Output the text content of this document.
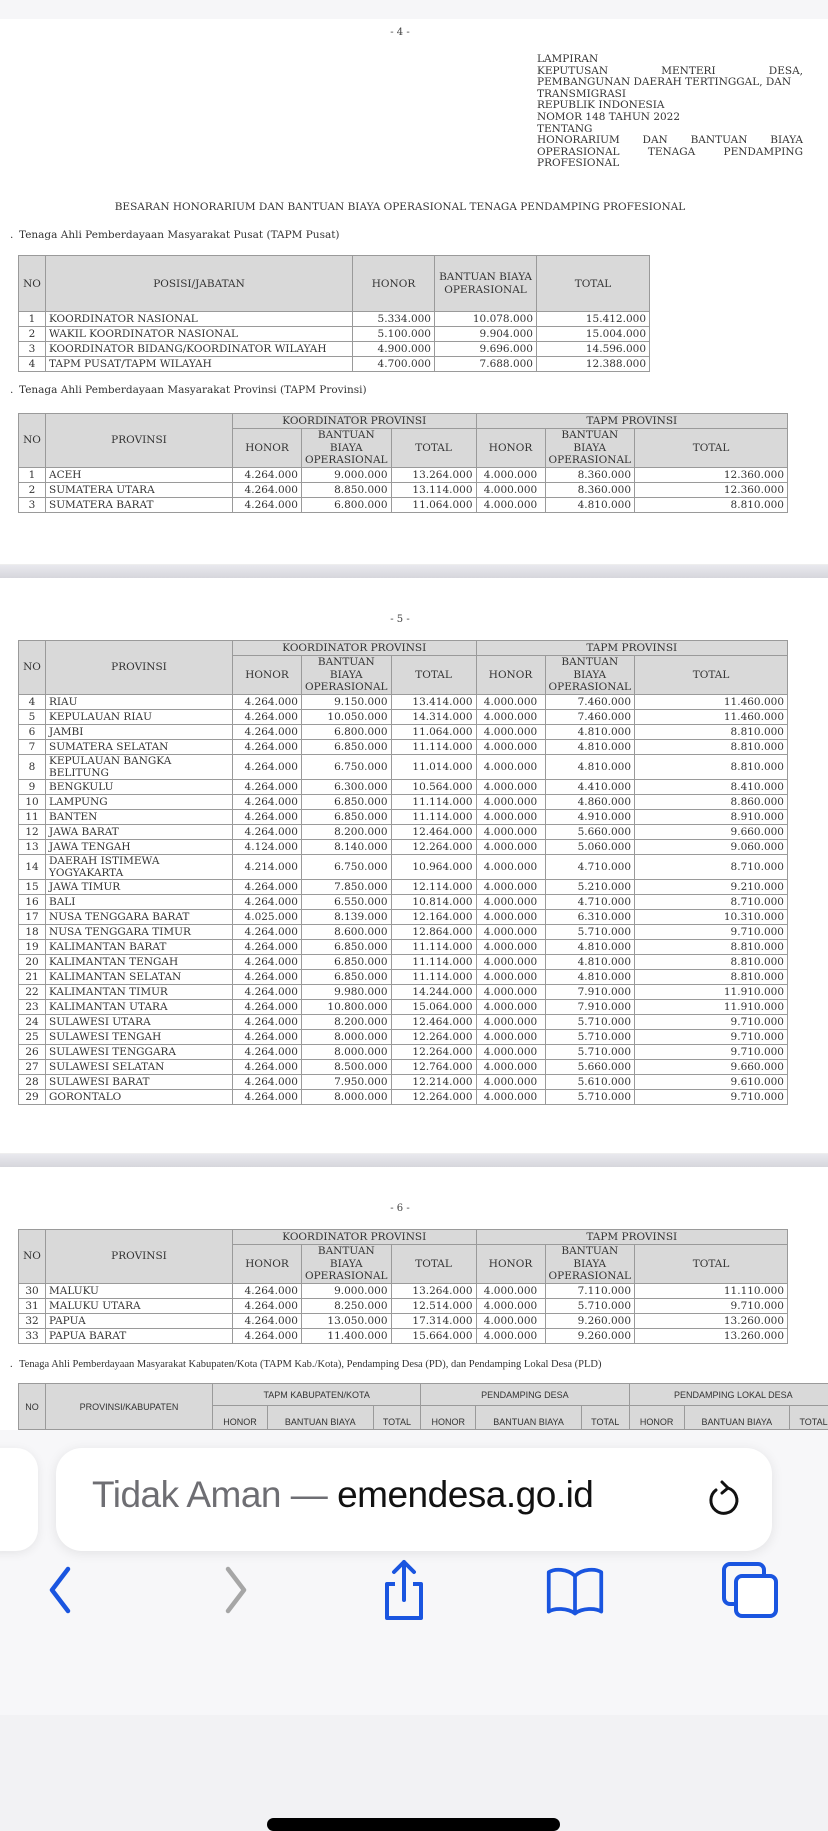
- 4 -
LAMPIRAN
KEPUTUSAN	MENTERI	DESA,
PEMBANGUNAN DAERAH TERTINGGAL, DAN
TRANSMIGRASI
REPUBLIK INDONESIA
NOMOR 148 TAHUN 2022
TENTANG
HONORARIUM DAN BANTUAN BIAYA
OPERASIONAL	TENAGA	PENDAMPING
PROFESIONAL
BESARAN HONORARIUM DAN BANTUAN BIAYA OPERASIONAL TENAGA PENDAMPING PROFESIONAL
. Tenaga Ahli Pemberdayaan Masyarakat Pusat (TAPM Pusat)
NO	POSISI/JABATAN	HONOR	BANTUAN BIAYA OPERASIONAL	TOTAL
1	KOORDINATOR NASIONAL	5.334.000	10.078.000	15.412.000
2	WAKIL KOORDINATOR NASIONAL	5.100.000	9.904.000	15.004.000
3	KOORDINATOR BIDANG/KOORDINATOR WILAYAH	4.900.000	9.696.000	14.596.000
4	TAPM PUSAT/TAPM WILAYAH	4.700.000	7.688.000	12.388.000
. Tenaga Ahli Pemberdayaan Masyarakat Provinsi (TAPM Provinsi)
NO	PROVINSI	KOORDINATOR PROVINSI			TAPM PROVINSI		
		HONOR	BANTUAN BIAYA OPERASIONAL	TOTAL	HONOR	BANTUAN BIAYA OPERASIONAL	TOTAL
1	ACEH	4.264.000	9.000.000	13.264.000	4.000.000	8.360.000	12.360.000
2	SUMATERA UTARA	4.264.000	8.850.000	13.114.000	4.000.000	8.360.000	12.360.000
3	SUMATERA BARAT	4.264.000	6.800.000	11.064.000	4.000.000	4.810.000	8.810.000
- 5 -
NO	PROVINSI	KOORDINATOR PROVINSI			TAPM PROVINSI		
		HONOR	BANTUAN BIAYA OPERASIONAL	TOTAL	HONOR	BANTUAN BIAYA OPERASIONAL	TOTAL
4	RIAU	4.264.000	9.150.000	13.414.000	4.000.000	7.460.000	11.460.000
5	KEPULAUAN RIAU	4.264.000	10.050.000	14.314.000	4.000.000	7.460.000	11.460.000
6	JAMBI	4.264.000	6.800.000	11.064.000	4.000.000	4.810.000	8.810.000
7	SUMATERA SELATAN	4.264.000	6.850.000	11.114.000	4.000.000	4.810.000	8.810.000
8	KEPULAUAN BANGKA BELITUNG	4.264.000	6.750.000	11.014.000	4.000.000	4.810.000	8.810.000
9	BENGKULU	4.264.000	6.300.000	10.564.000	4.000.000	4.410.000	8.410.000
10	LAMPUNG	4.264.000	6.850.000	11.114.000	4.000.000	4.860.000	8.860.000
11	BANTEN	4.264.000	6.850.000	11.114.000	4.000.000	4.910.000	8.910.000
12	JAWA BARAT	4.264.000	8.200.000	12.464.000	4.000.000	5.660.000	9.660.000
13	JAWA TENGAH	4.124.000	8.140.000	12.264.000	4.000.000	5.060.000	9.060.000
14	DAERAH ISTIMEWA YOGYAKARTA	4.214.000	6.750.000	10.964.000	4.000.000	4.710.000	8.710.000
15	JAWA TIMUR	4.264.000	7.850.000	12.114.000	4.000.000	5.210.000	9.210.000
16	BALI	4.264.000	6.550.000	10.814.000	4.000.000	4.710.000	8.710.000
17	NUSA TENGGARA BARAT	4.025.000	8.139.000	12.164.000	4.000.000	6.310.000	10.310.000
18	NUSA TENGGARA TIMUR	4.264.000	8.600.000	12.864.000	4.000.000	5.710.000	9.710.000
19	KALIMANTAN BARAT	4.264.000	6.850.000	11.114.000	4.000.000	4.810.000	8.810.000
20	KALIMANTAN TENGAH	4.264.000	6.850.000	11.114.000	4.000.000	4.810.000	8.810.000
21	KALIMANTAN SELATAN	4.264.000	6.850.000	11.114.000	4.000.000	4.810.000	8.810.000
22	KALIMANTAN TIMUR	4.264.000	9.980.000	14.244.000	4.000.000	7.910.000	11.910.000
23	KALIMANTAN UTARA	4.264.000	10.800.000	15.064.000	4.000.000	7.910.000	11.910.000
24	SULAWESI UTARA	4.264.000	8.200.000	12.464.000	4.000.000	5.710.000	9.710.000
25	SULAWESI TENGAH	4.264.000	8.000.000	12.264.000	4.000.000	5.710.000	9.710.000
26	SULAWESI TENGGARA	4.264.000	8.000.000	12.264.000	4.000.000	5.710.000	9.710.000
27	SULAWESI SELATAN	4.264.000	8.500.000	12.764.000	4.000.000	5.660.000	9.660.000
28	SULAWESI BARAT	4.264.000	7.950.000	12.214.000	4.000.000	5.610.000	9.610.000
29	GORONTALO	4.264.000	8.000.000	12.264.000	4.000.000	5.710.000	9.710.000
- 6 -
NO	PROVINSI	KOORDINATOR PROVINSI			TAPM PROVINSI		
		HONOR	BANTUAN BIAYA OPERASIONAL	TOTAL	HONOR	BANTUAN BIAYA OPERASIONAL	TOTAL
30	MALUKU	4.264.000	9.000.000	13.264.000	4.000.000	7.110.000	11.110.000
31	MALUKU UTARA	4.264.000	8.250.000	12.514.000	4.000.000	5.710.000	9.710.000
32	PAPUA	4.264.000	13.050.000	17.314.000	4.000.000	9.260.000	13.260.000
33	PAPUA BARAT	4.264.000	11.400.000	15.664.000	4.000.000	9.260.000	13.260.000
. Tenaga Ahli Pemberdayaan Masyarakat Kabupaten/Kota (TAPM Kab./Kota), Pendamping Desa (PD), dan Pendamping Lokal Desa (PLD)
NO	PROVINSI/KABUPATEN	TAPM KABUPATEN/KOTA			PENDAMPING DESA			PENDAMPING LOKAL DESA		
		HONOR	BANTUAN BIAYA	TOTAL	HONOR	BANTUAN BIAYA	TOTAL	HONOR	BANTUAN BIAYA	TOTAL
Tidak Aman — emendesa.go.id
